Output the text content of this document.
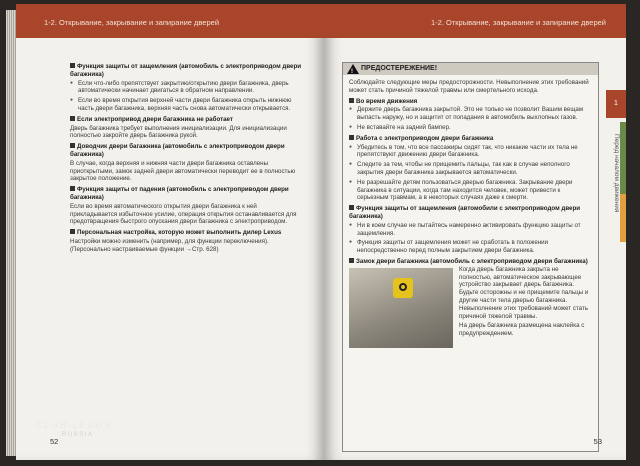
1-2. Открывание, закрывание и запирание дверей
Функция защиты от защемления (автомобиль с электроприводом двери багажника)
● Если что-либо препятствует закрытию/открытию двери багажника, дверь автоматически начинает двигаться в обратном направлении.
● Если во время открытия верхней части двери багажника открыть нижнюю часть двери багажника, верхняя часть снова автоматически открывается.
Если электропривод двери багажника не работает
Дверь багажника требует выполнения инициализации. Для инициализации полностью закройте дверь багажника рукой.
Доводчик двери багажника (автомобиль с электроприводом двери багажника)
В случае, когда верхняя и нижняя части двери багажника оставлены приоткрытыми, замок задней двери автоматически переводит ее в полностью закрытое положение.
Функция защиты от падения (автомобиль с электроприводом двери багажника)
Если во время автоматического открытия двери багажника к ней прикладывается избыточное усилие, операция открытия останавливается для предотвращения быстрого опускания двери багажника с электроприводом.
Персональная настройка, которую может выполнить дилер Lexus
Настройки можно изменить (например, для функции переключения). (Персонально настраиваемые функции →Стр. 628)
52
1-2. Открывание, закрывание и запирание дверей
1
Перед началом движения
! ПРЕДОСТЕРЕЖЕНИЕ!
Соблюдайте следующие меры предосторожности. Невыполнение этих требований может стать причиной тяжелой травмы или смертельного исхода.
Во время движения
● Держите дверь багажника закрытой. Это не только не позволит Вашим вещам выпасть наружу, но и защитит от попадания в автомобиль выхлопных газов.
● Не вставайте на задний бампер.
Работа с электроприводом двери багажника
● Убедитесь в том, что все пассажиры сидят так, что никакие части их тела не препятствуют движению двери багажника.
● Следите за тем, чтобы не прищемить пальцы, так как в случае неполного закрытия двери багажника закрывается автоматически.
● Не разрешайте детям пользоваться дверью багажника. Закрывание двери багажника в ситуации, когда там находится человек, может привести к серьезным травмам, а в некоторых случаях даже к смерти.
Функция защиты от защемления (автомобили с электроприводом двери багажника)
● Ни в коем случае не пытайтесь намеренно активировать функцию защиты от защемления.
● Функция защиты от защемления может не сработать в положении непосредственно перед полным закрытием двери багажника.
Замок двери багажника (автомобиль с электроприводом двери багажника)
Когда дверь багажника закрыта не полностью, автоматическое закрывающее устройство закрывает дверь багажника. Будьте осторожны и не прищемите пальцы и другие части тела дверью багажника. Невыполнение этих требований может стать причиной тяжелой травмы.
На дверь багажника размещена наклейка с предупреждением.
53
CLUB LEXUS
RUSSIA
